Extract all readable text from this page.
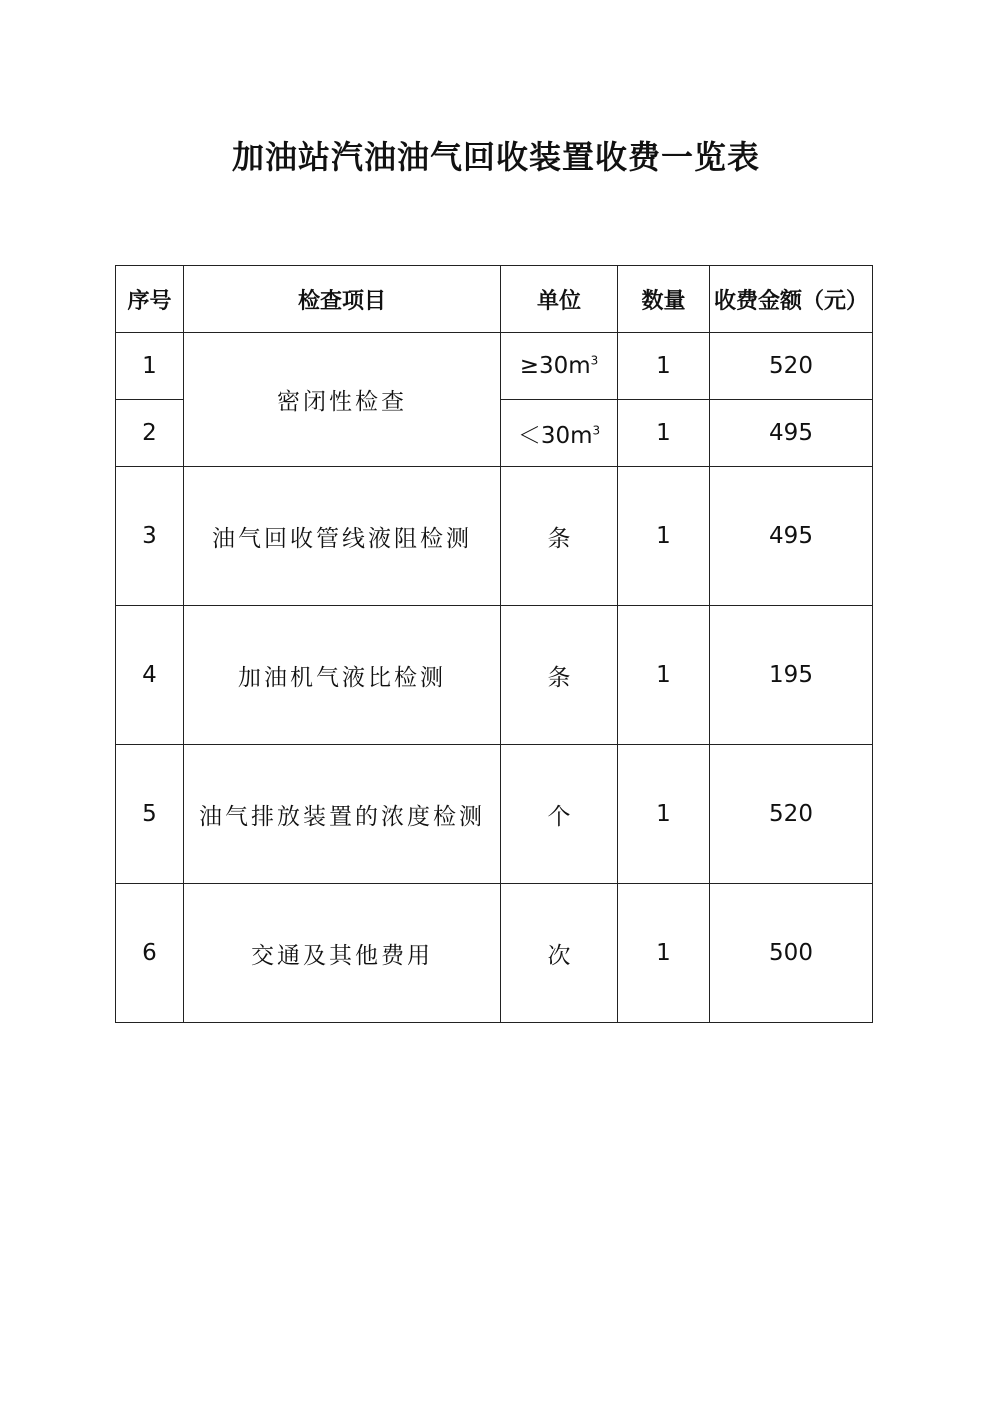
加油站汽油油气回收装置收费一览表
序号	检查项目	单位	数量	收费金额（元）
1	密闭性检查	$\ge 30m^3$	1	520
2		$<30m^3$	1	495
3	油气回收管线液阻检测	条	1	495
4	加油机气液比检测	条	1	195
5	油气排放装置的浓度检测	个	1	520
6	交通及其他费用	次	1	500
